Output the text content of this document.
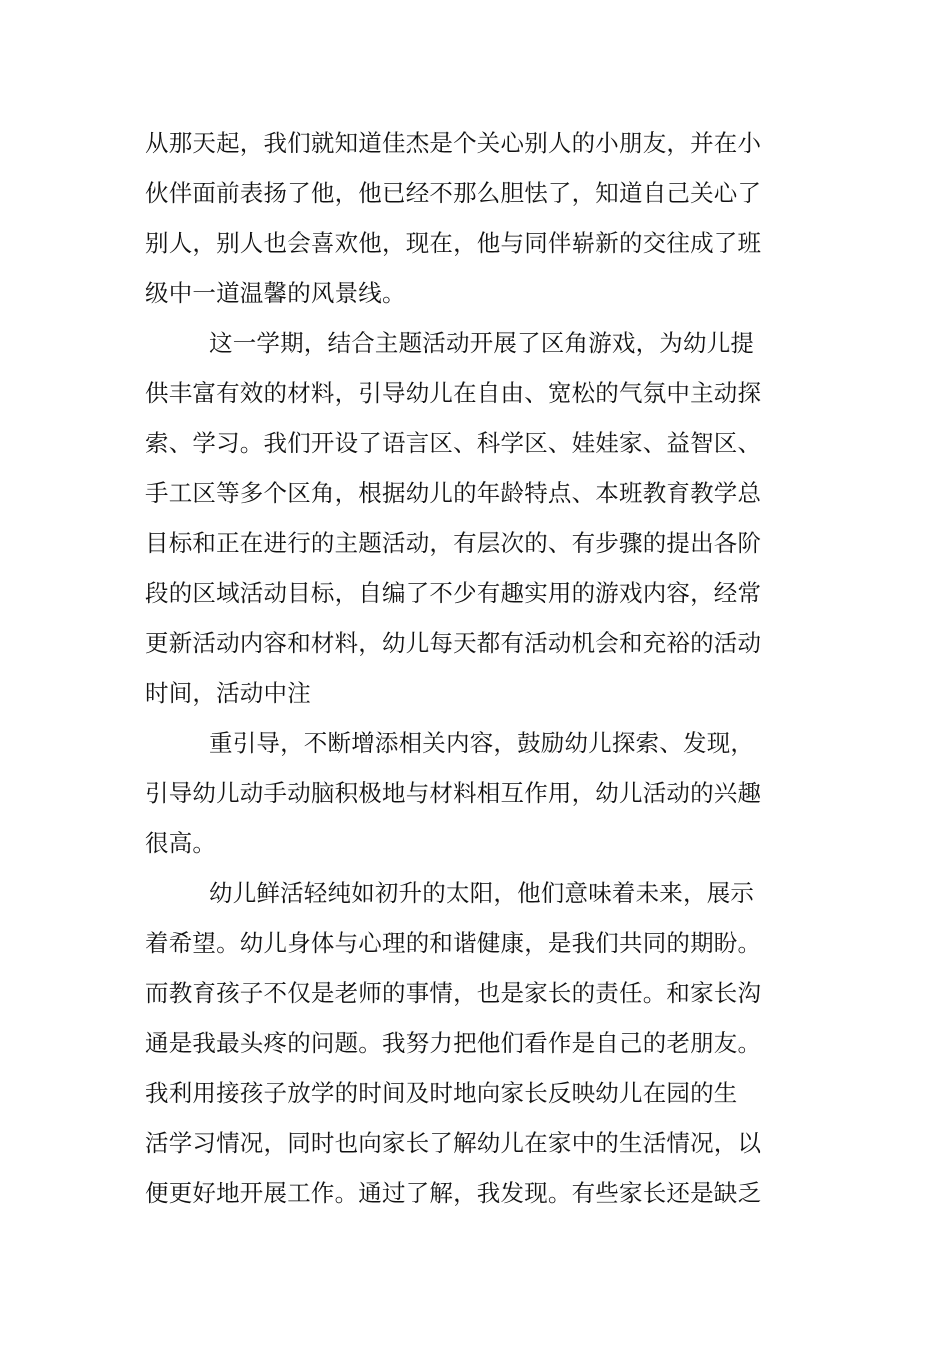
从那天起，我们就知道佳杰是个关心别人的小朋友，并在小
伙伴面前表扬了他，他已经不那么胆怯了，知道自己关心了
别人，别人也会喜欢他，现在，他与同伴崭新的交往成了班
级中一道温馨的风景线。
这一学期，结合主题活动开展了区角游戏，为幼儿提
供丰富有效的材料，引导幼儿在自由、宽松的气氛中主动探
索、学习。我们开设了语言区、科学区、娃娃家、益智区、
手工区等多个区角，根据幼儿的年龄特点、本班教育教学总
目标和正在进行的主题活动，有层次的、有步骤的提出各阶
段的区域活动目标，自编了不少有趣实用的游戏内容，经常
更新活动内容和材料，幼儿每天都有活动机会和充裕的活动
时间，活动中注
重引导，不断增添相关内容，鼓励幼儿探索、发现，
引导幼儿动手动脑积极地与材料相互作用，幼儿活动的兴趣
很高。
幼儿鲜活轻纯如初升的太阳，他们意味着未来，展示
着希望。幼儿身体与心理的和谐健康，是我们共同的期盼。
而教育孩子不仅是老师的事情，也是家长的责任。和家长沟
通是我最头疼的问题。我努力把他们看作是自己的老朋友。
我利用接孩子放学的时间及时地向家长反映幼儿在园的生
活学习情况，同时也向家长了解幼儿在家中的生活情况，以
便更好地开展工作。通过了解，我发现。有些家长还是缺乏
